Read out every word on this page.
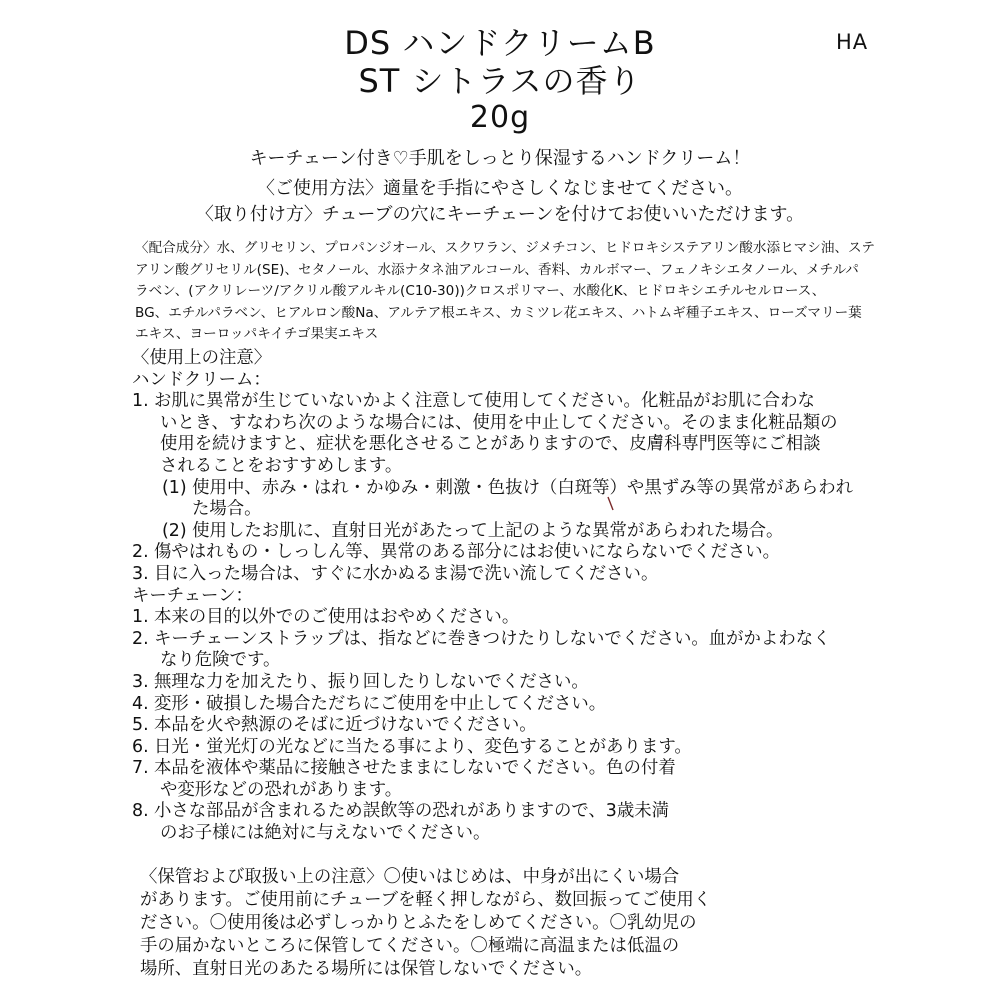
DS ハンドクリームB
ST シトラスの香り
20g
HA
キーチェーン付き♡手肌をしっとり保湿するハンドクリーム！
〈ご使用方法〉適量を手指にやさしくなじませてください。
〈取り付け方〉チューブの穴にキーチェーンを付けてお使いいただけます。

〈配合成分〉水、グリセリン、プロパンジオール、スクワラン、ジメチコン、ヒドロキシステアリン酸水添ヒマシ油、ステ

アリン酸グリセリル(SE)、セタノール、水添ナタネ油アルコール、香料、カルボマー、フェノキシエタノール、メチルパ

ラベン、(アクリレーツ/アクリル酸アルキル(C10-30))クロスポリマー、水酸化K、ヒドロキシエチルセルロース、

BG、エチルパラベン、ヒアルロン酸Na、アルテア根エキス、カミツレ花エキス、ハトムギ種子エキス、ローズマリー葉

エキス、ヨーロッパキイチゴ果実エキス

〈使用上の注意〉
ハンドクリーム：
1. お肌に異常が生じていないかよく注意して使用してください。化粧品がお肌に合わな
いとき、すなわち次のような場合には、使用を中止してください。そのまま化粧品類の
使用を続けますと、症状を悪化させることがありますので、皮膚科専門医等にご相談
されることをおすすめします。
(1) 使用中、赤み・はれ・かゆみ・刺激・色抜け（白斑等）や黒ずみ等の異常があらわれ
た場合。
(2) 使用したお肌に、直射日光があたって上記のような異常があらわれた場合。
2. 傷やはれもの・しっしん等、異常のある部分にはお使いにならないでください。
3. 目に入った場合は、すぐに水かぬるま湯で洗い流してください。
キーチェーン：
1. 本来の目的以外でのご使用はおやめください。
2. キーチェーンストラップは、指などに巻きつけたりしないでください。血がかよわなく
なり危険です。
3. 無理な力を加えたり、振り回したりしないでください。
4. 変形・破損した場合ただちにご使用を中止してください。
5. 本品を火や熱源のそばに近づけないでください。
6. 日光・蛍光灯の光などに当たる事により、変色することがあります。
7. 本品を液体や薬品に接触させたままにしないでください。色の付着
や変形などの恐れがあります。
8. 小さな部品が含まれるため誤飲等の恐れがありますので、3歳未満
のお子様には絶対に与えないでください。
〈保管および取扱い上の注意〉〇使いはじめは、中身が出にくい場合
があります。ご使用前にチューブを軽く押しながら、数回振ってご使用く
ださい。〇使用後は必ずしっかりとふたをしめてください。〇乳幼児の
手の届かないところに保管してください。〇極端に高温または低温の
場所、直射日光のあたる場所には保管しないでください。
